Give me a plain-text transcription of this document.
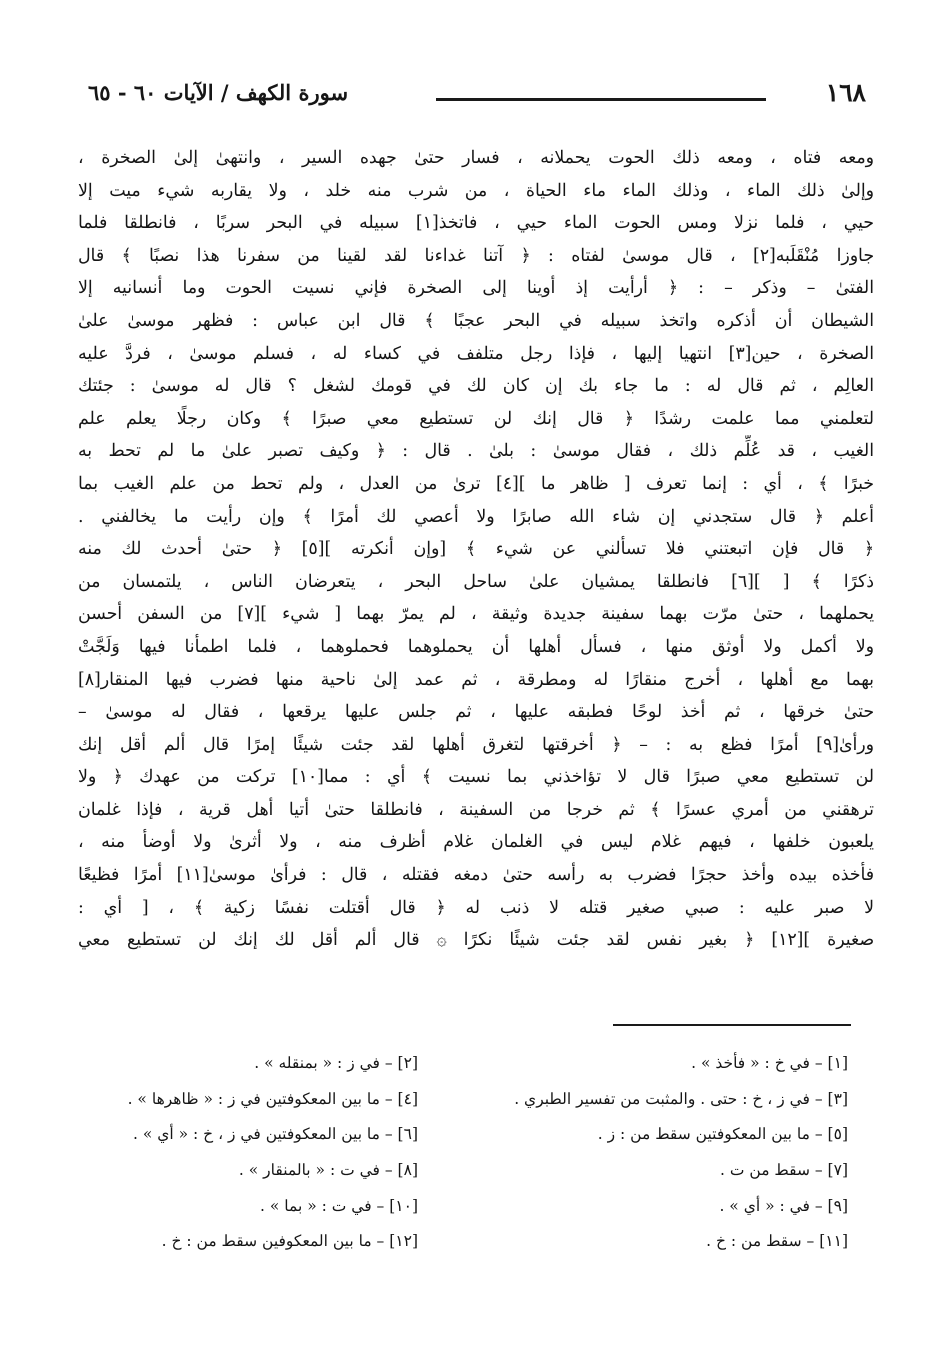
١٦٨
سورة الكهف / الآيات ٦٠ - ٦٥
ومعه فتاه ، ومعه ذلك الحوت يحملانه ، فسار حتىٰ جهده السير ، وانتهىٰ إلىٰ الصخرة ،
وإلىٰ ذلك الماء ، وذلك الماء ماء الحياة ، من شرب منه خلد ، ولا يقاربه شيء ميت إلا
حيي ، فلما نزلا ومس الحوت الماء حيي ، فاتخذ[١] سبيله في البحر سربًا ، فانطلقا فلما
جاوزا مُنْقَلَبه[٢] ، قال موسىٰ لفتاه : ﴿ آتنا غداءنا لقد لقينا من سفرنا هذا نصبًا ﴾ قال
الفتىٰ – وذكر – : ﴿ أرأيت إذ أوينا إلى الصخرة فإني نسيت الحوت وما أنسانيه إلا
الشيطان أن أذكره واتخذ سبيله في البحر عجبًا ﴾ قال ابن عباس : فظهر موسىٰ علىٰ
الصخرة ، حين[٣] انتهيا إليها ، فإذا رجل متلفف في كساء له ، فسلم موسىٰ ، فردَّ عليه
العالِم ، ثم قال له : ما جاء بك إن كان لك في قومك لشغل ؟ قال له موسىٰ : جئتك
لتعلمني مما علمت رشدًا ﴿ قال إنك لن تستطيع معي صبرًا ﴾ وكان رجلًا يعلم علم
الغيب ، قد عُلِّم ذلك ، فقال موسىٰ : بلىٰ . قال : ﴿ وكيف تصبر علىٰ ما لم تحط به
خبرًا ﴾ ، أي : إنما تعرف [ ظاهر ما ][٤] ترىٰ من العدل ، ولم تحط من علم الغيب بما
أعلم ﴿ قال ستجدني إن شاء الله صابرًا ولا أعصي لك أمرًا ﴾ وإن رأيت ما يخالفني .
﴿ قال فإن اتبعتني فلا تسألني عن شيء ﴾ [وإن أنكرته ][٥] ﴿ حتىٰ أحدث لك منه
ذكرًا ﴾ [ ][٦] فانطلقا يمشيان علىٰ ساحل البحر ، يتعرضان الناس ، يلتمسان من
يحملهما ، حتىٰ مرّت بهما سفينة جديدة وثيقة ، لم يمرّ بهما [ شيء ][٧] من السفن أحسن
ولا أكمل ولا أوثق منها ، فسأل أهلها أن يحملوهما فحملوهما ، فلما اطمأنا فيها وَلَجَّتْ
بهما مع أهلها ، أخرج منقارًا له ومطرقة ، ثم عمد إلىٰ ناحية منها فضرب فيها المنقار[٨]
حتىٰ خرقها ، ثم أخذ لوحًا فطبقه عليها ، ثم جلس عليها يرقعها ، فقال له موسىٰ –
ورأىٰ[٩] أمرًا فظع به : – ﴿ أخرقتها لتغرق أهلها لقد جئت شيئًا إمرًا قال ألم أقل إنك
لن تستطيع معي صبرًا قال لا تؤاخذني بما نسيت ﴾ أي : مما[١٠] تركت من عهدك ﴿ ولا
ترهقني من أمري عسرًا ﴾ ثم خرجا من السفينة ، فانطلقا حتىٰ أتيا أهل قرية ، فإذا غلمان
يلعبون خلفها ، فيهم غلام ليس في الغلمان غلام أظرف منه ، ولا أثرىٰ ولا أوضأ منه ،
فأخذه بيده وأخذ حجرًا فضرب به رأسه حتىٰ دمغه فقتله ، قال : فرأىٰ موسىٰ[١١] أمرًا فظيعًا
لا صبر عليه : صبي صغير قتله لا ذنب له ﴿ قال أقتلت نفسًا زكية ﴾ ، [ أي :
صغيرة ][١٢] ﴿ بغير نفس لقد جئت شيئًا نكرًا ۞ قال ألم أقل لك إنك لن تستطيع معي
[١] – في خ : « فأخذ » .
[٢] – في ز : « بمنقله » .
[٣] – في ز ، خ : حتى . والمثبت من تفسير الطبري .
[٤] – ما بين المعكوفتين في ز : « ظاهرها » .
[٥] – ما بين المعكوفتين سقط من : ز .
[٦] – ما بين المعكوفتين في ز ، خ : « أي » .
[٧] – سقط من ت .
[٨] – في ت : « بالمنقار » .
[٩] – في : « أي » .
[١٠] – في ت : « بما » .
[١١] – سقط من : خ .
[١٢] – ما بين المعكوفين سقط من : خ .
